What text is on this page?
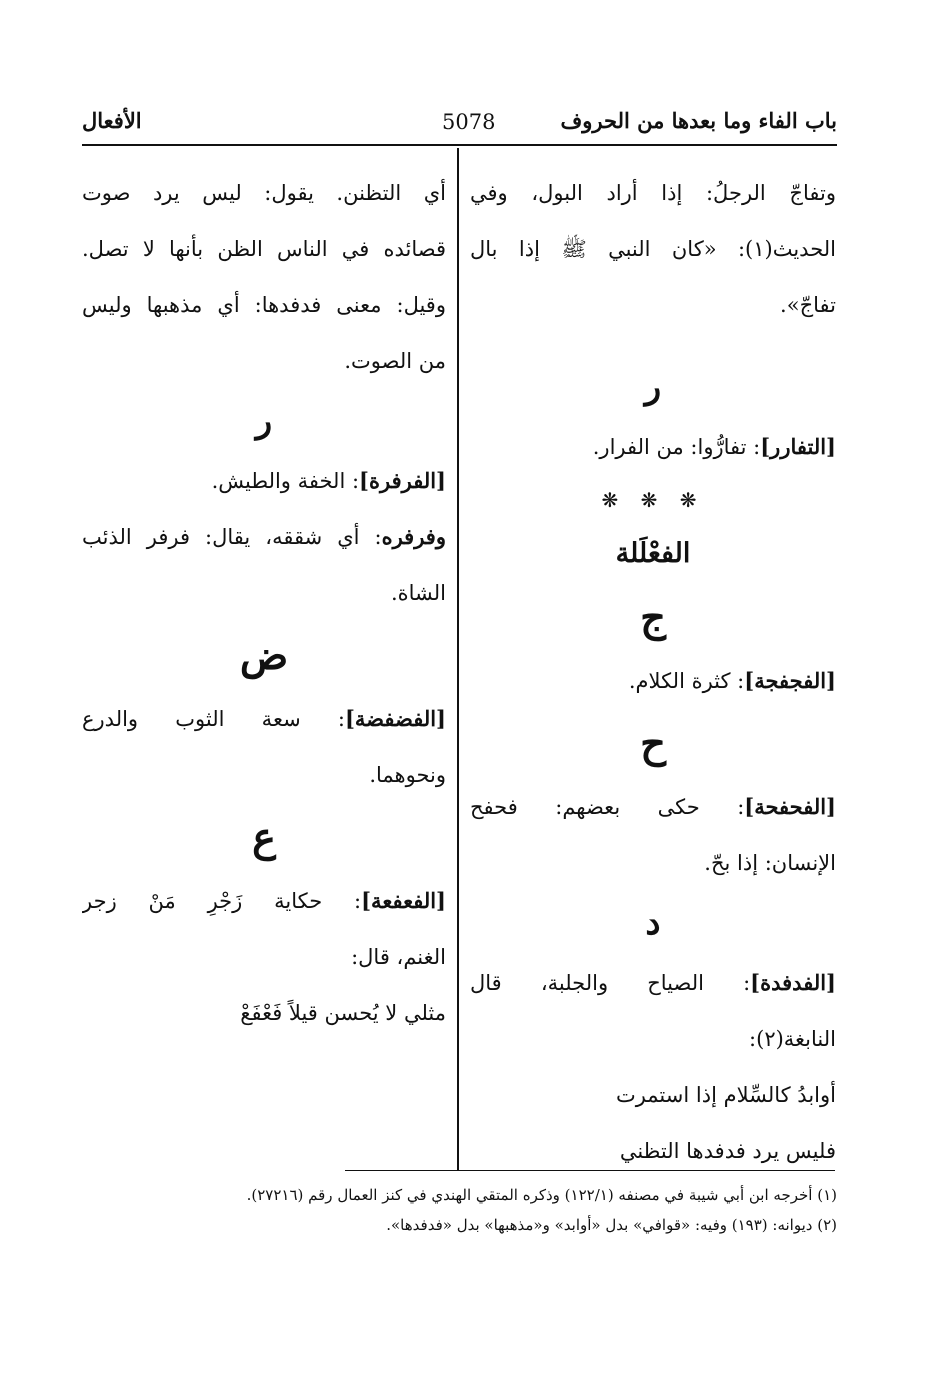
باب الفاء وما بعدها من الحروف
5078
الأفعال
وتفاجّ الرجلُ: إذا أراد البول، وفي
الحديث(١): «كان النبي ﷺ إذا بال
تفاجّ».
ر
[التفارر]: تفارُّوا: من الفرار.
❋ ❋ ❋
الفعْلَلة
ج
[الفجفجة]: كثرة الكلام.
ح
[الفحفحة]: حكى بعضهم: فحفح
الإنسان: إذا بحّ.
د
[الفدفدة]: الصياح والجلبة، قال
النابغة(٢):
أوابدُ كالسِّلام إذا استمرت
فليس يرد فدفدها التظني
أي التظنن. يقول: ليس يرد صوت
قصائده في الناس الظن بأنها لا تصل.
وقيل: معنى فدفدها: أي مذهبها وليس
من الصوت.
ر
[الفرفرة]: الخفة والطيش.
وفرفره: أي شققه، يقال: فرفر الذئب
الشاة.
ض
[الفضفضة]: سعة الثوب والدرع
ونحوهما.
ع
[الفعفعة]: حكاية زَجْرِ مَنْ زجر
الغنم، قال:
مثلي لا يُحسن قيلاً فَعْفَعْ
(١) أخرجه ابن أبي شيبة في مصنفه (١٢٢/١) وذكره المتقي الهندي في كنز العمال رقم (٢٧٢١٦).
(٢) ديوانه: (١٩٣) وفيه: «قوافي» بدل «أوابد» و«مذهبها» بدل «فدفدها».
